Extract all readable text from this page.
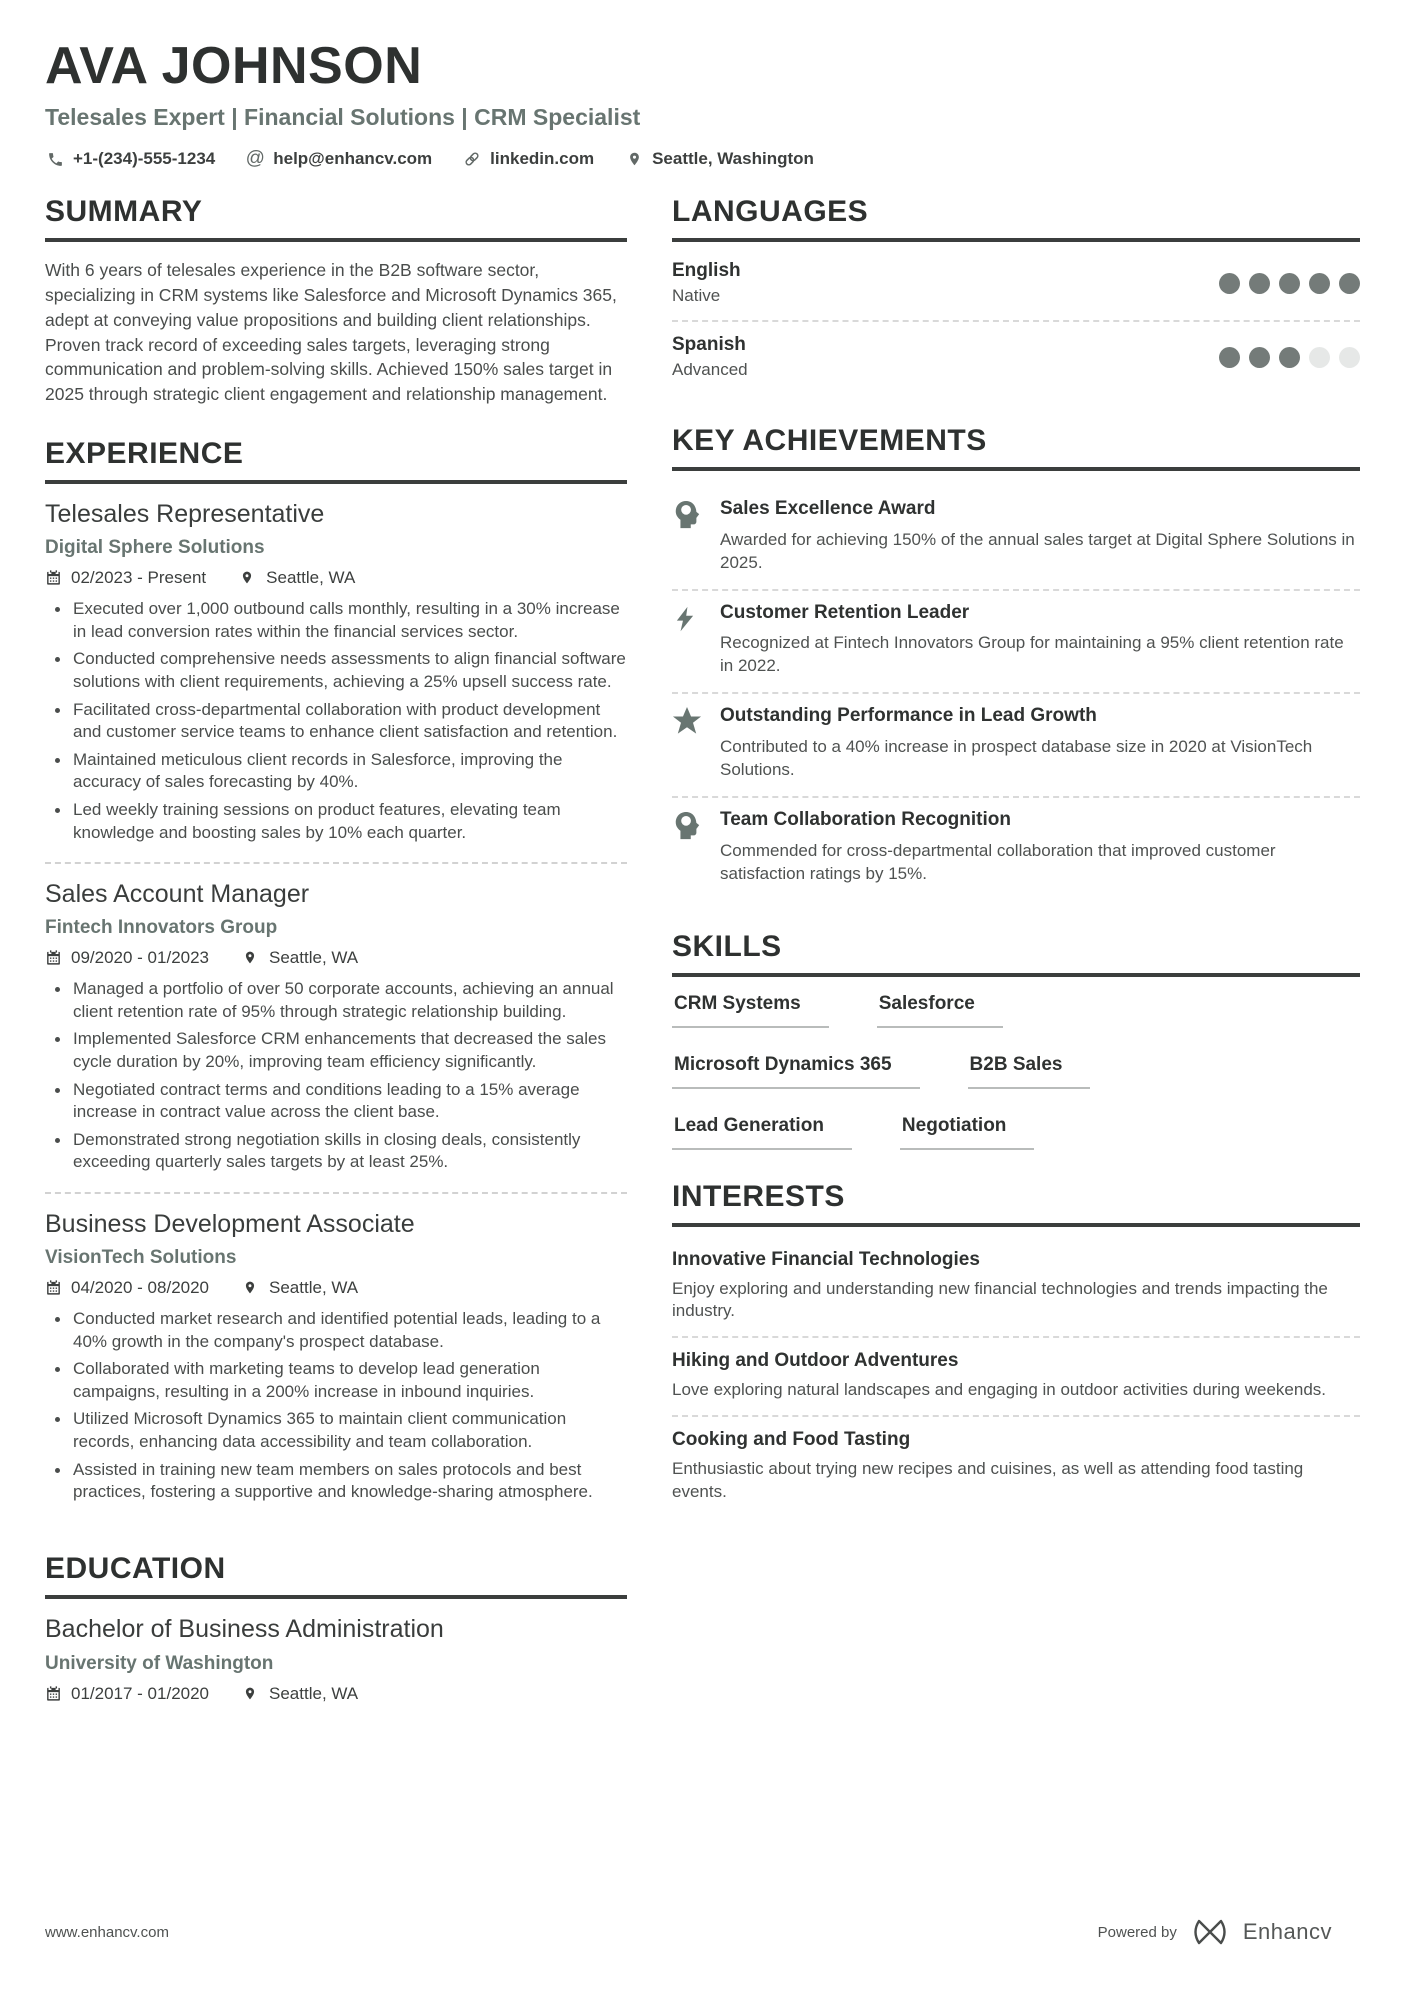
AVA JOHNSON
Telesales Expert | Financial Solutions | CRM Specialist
+1-(234)-555-1234 @ help@enhancv.com	linkedin.com	Seattle, Washington
SUMMARY
With 6 years of telesales experience in the B2B software sector, specializing in CRM systems like Salesforce and Microsoft Dynamics 365, adept at conveying value propositions and building client relationships. Proven track record of exceeding sales targets, leveraging strong communication and problem-solving skills. Achieved 150% sales target in 2025 through strategic client engagement and relationship management.
EXPERIENCE
Telesales Representative
Digital Sphere Solutions
02/2023 - Present	Seattle, WA
Executed over 1,000 outbound calls monthly, resulting in a 30% increase in lead conversion rates within the financial services sector.
Conducted comprehensive needs assessments to align financial software solutions with client requirements, achieving a 25% upsell success rate.
Facilitated cross-departmental collaboration with product development and customer service teams to enhance client satisfaction and retention.
Maintained meticulous client records in Salesforce, improving the accuracy of sales forecasting by 40%.
Led weekly training sessions on product features, elevating team knowledge and boosting sales by 10% each quarter.
Sales Account Manager
Fintech Innovators Group
09/2020 - 01/2023	Seattle, WA
Managed a portfolio of over 50 corporate accounts, achieving an annual client retention rate of 95% through strategic relationship building.
Implemented Salesforce CRM enhancements that decreased the sales cycle duration by 20%, improving team efficiency significantly.
Negotiated contract terms and conditions leading to a 15% average increase in contract value across the client base.
Demonstrated strong negotiation skills in closing deals, consistently exceeding quarterly sales targets by at least 25%.
Business Development Associate
VisionTech Solutions
04/2020 - 08/2020	Seattle, WA
Conducted market research and identified potential leads, leading to a 40% growth in the company's prospect database.
Collaborated with marketing teams to develop lead generation campaigns, resulting in a 200% increase in inbound inquiries.
Utilized Microsoft Dynamics 365 to maintain client communication records, enhancing data accessibility and team collaboration.
Assisted in training new team members on sales protocols and best practices, fostering a supportive and knowledge-sharing atmosphere.
EDUCATION
Bachelor of Business Administration
University of Washington
01/2017 - 01/2020	Seattle, WA
LANGUAGES
English
Native
Spanish
Advanced
KEY ACHIEVEMENTS
Sales Excellence Award
Awarded for achieving 150% of the annual sales target at Digital Sphere Solutions in 2025.
Customer Retention Leader
Recognized at Fintech Innovators Group for maintaining a 95% client retention rate in 2022.
Outstanding Performance in Lead Growth
Contributed to a 40% increase in prospect database size in 2020 at VisionTech Solutions.
Team Collaboration Recognition
Commended for cross-departmental collaboration that improved customer satisfaction ratings by 15%.
SKILLS
CRM Systems	Salesforce
Microsoft Dynamics 365	B2B Sales
Lead Generation	Negotiation
INTERESTS
Innovative Financial Technologies
Enjoy exploring and understanding new financial technologies and trends impacting the industry.
Hiking and Outdoor Adventures
Love exploring natural landscapes and engaging in outdoor activities during weekends.
Cooking and Food Tasting
Enthusiastic about trying new recipes and cuisines, as well as attending food tasting events.
www.enhancv.com	Powered by	Enhancv
